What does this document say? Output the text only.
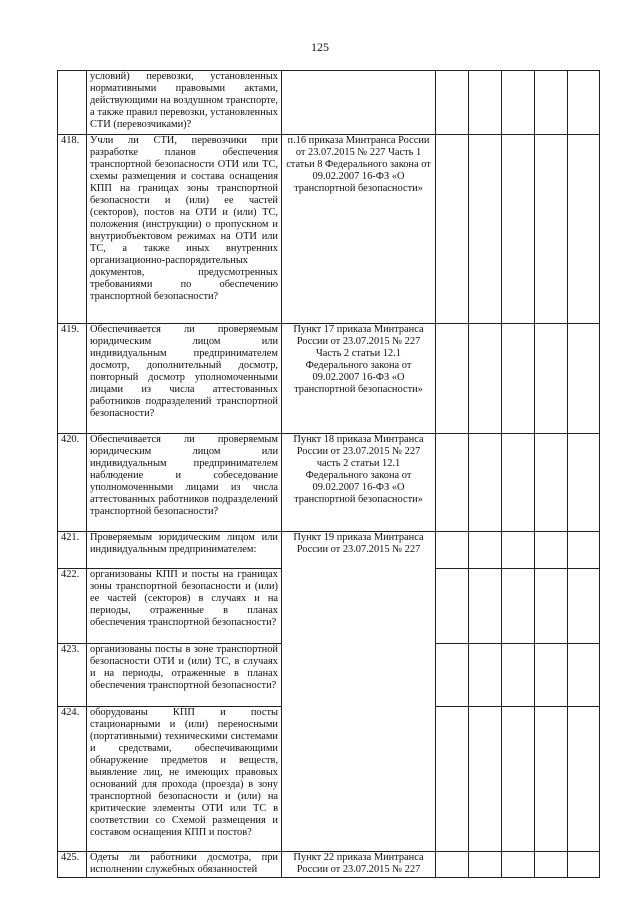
125
	условий) перевозки, установленных нормативными правовыми актами, действующими на воздушном транспорте, а также правил перевозки, установленных СТИ (перевозчиками)?						
418.	Учли ли СТИ, перевозчики при разработке планов обеспечения транспортной безопасности ОТИ или ТС, схемы размещения и состава оснащения КПП на границах зоны транспортной безопасности и (или) ее частей (секторов), постов на ОТИ и (или) ТС, положения (инструкции) о пропускном и внутриобъектовом режимах на ОТИ или ТС, а также иных внутренних организационно-распорядительных документов, предусмотренных требованиями по обеспечению транспортной безопасности?	п.16 приказа Минтранса России от 23.07.2015 № 227 Часть 1 статьи 8 Федерального закона от 09.02.2007 16-ФЗ «О транспортной безопасности»					
419.	Обеспечивается ли проверяемым юридическим лицом или индивидуальным предпринимателем досмотр, дополнительный досмотр, повторный досмотр уполномоченными лицами из числа аттестованных работников подразделений транспортной безопасности?	Пункт 17 приказа Минтранса России от 23.07.2015 № 227 Часть 2 статьи 12.1 Федерального закона от 09.02.2007 16-ФЗ «О транспортной безопасности»					
420.	Обеспечивается ли проверяемым юридическим лицом или индивидуальным предпринимателем наблюдение и собеседование уполномоченными лицами из числа аттестованных работников подразделений транспортной безопасности?	Пункт 18 приказа Минтранса России от 23.07.2015 № 227 часть 2 статьи 12.1 Федерального закона от 09.02.2007 16-ФЗ «О транспортной безопасности»					
421.	Проверяемым юридическим лицом или индивидуальным предпринимателем:	Пункт 19 приказа Минтранса России от 23.07.2015 № 227					
422.	организованы КПП и посты на границах зоны транспортной безопасности и (или) ее частей (секторов) в случаях и на периоды, отраженные в планах обеспечения транспортной безопасности?						
423.	организованы посты в зоне транспортной безопасности ОТИ и (или) ТС, в случаях и на периоды, отраженные в планах обеспечения транспортной безопасности?						
424.	оборудованы КПП и посты стационарными и (или) переносными (портативными) техническими системами и средствами, обеспечивающими обнаружение предметов и веществ, выявление лиц, не имеющих правовых оснований для прохода (проезда) в зону транспортной безопасности и (или) на критические элементы ОТИ или ТС в соответствии со Схемой размещения и составом оснащения КПП и постов?						
425.	Одеты ли работники досмотра, при исполнении служебных обязанностей	Пункт 22 приказа Минтранса России от 23.07.2015 № 227					
